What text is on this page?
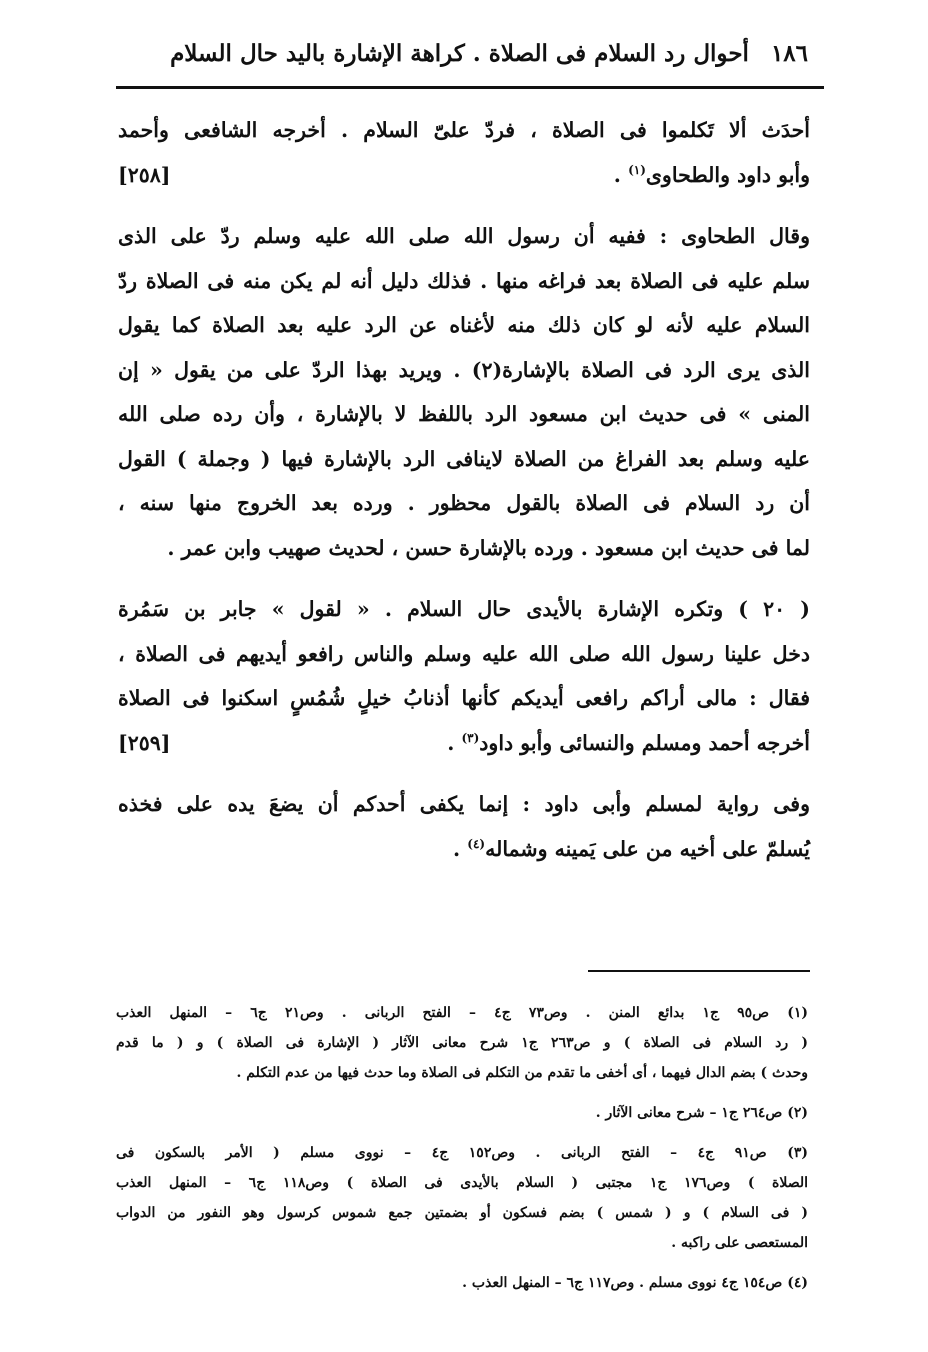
١٨٦
أحوال رد السلام فى الصلاة . كراهة الإشارة باليد حال السلام
أحدَث ألا تَكلموا فى الصلاة ، فردّ علىّ السلام . أخرجه الشافعى وأحمد
وأبو داود والطحاوى$^{(١)}$ .
[٢٥٨]
وقال الطحاوى : ففيه أن رسول الله صلى الله عليه وسلم ردّ على الذى
سلم عليه فى الصلاة بعد فراغه منها . فذلك دليل أنه لم يكن منه فى الصلاة ردّ
السلام عليه لأنه لو كان ذلك منه لأغناه عن الرد عليه بعد الصلاة كما يقول
الذى يرى الرد فى الصلاة بالإشارة(٢) . ويريد بهذا الردّ على من يقول « إن
المنى » فى حديث ابن مسعود الرد باللفظ لا بالإشارة ، وأن رده صلى الله
عليه وسلم بعد الفراغ من الصلاة لاينافى الرد بالإشارة فيها ( وجملة ) القول
أن رد السلام فى الصلاة بالقول محظور . ورده بعد الخروج منها سنه ،
لما فى حديث ابن مسعود . ورده بالإشارة حسن ، لحديث صهيب وابن عمر .
( ٢٠ ) وتكره الإشارة بالأيدى حال السلام . « لقول » جابر بن سَمُرة
دخل علينا رسول الله صلى الله عليه وسلم والناس رافعو أيديهم فى الصلاة ،
فقال : مالى أراكم رافعى أيديكم كأنها أذنابُ خيلٍ شُمُسٍ اسكنوا فى الصلاة
أخرجه أحمد ومسلم والنسائى وأبو داود$^{(٣)}$ .
[٢٥٩]
وفى رواية لمسلم وأبى داود : إنما يكفى أحدكم أن يضعَ يده على فخذه
يُسلمّ على أخيه من على يَمينه وشماله$^{(٤)}$ .
(١) ص٩٥ ج١ بدائع المنن . وص٧٣ ج٤ – الفتح الربانى . وص٢١ ج٦ – المنهل العذب
( رد السلام فى الصلاة ) و ص٢٦٣ ج١ شرح معانى الآثار ( الإشارة فى الصلاة ) و ( ما قدم
وحدث ) بضم الدال فيهما ، أى أخفى ما تقدم من التكلم فى الصلاة وما حدث فيها من عدم التكلم .
(٢) ص٢٦٤ ج١ – شرح معانى الآثار .
(٣) ص٩١ ج٤ – الفتح الربانى . وص١٥٢ ج٤ – نووى مسلم ( الأمر بالسكون فى
الصلاة ) وص١٧٦ ج١ مجتبى ( السلام بالأيدى فى الصلاة ) وص١١٨ ج٦ – المنهل العذب
( فى السلام ) و ( شمس ) بضم فسكون أو بضمتين جمع شموس كرسول وهو النفور من الدواب
المستعصى على راكبه .
(٤) ص١٥٤ ج٤ نووى مسلم . وص١١٧ ج٦ – المنهل العذب .
